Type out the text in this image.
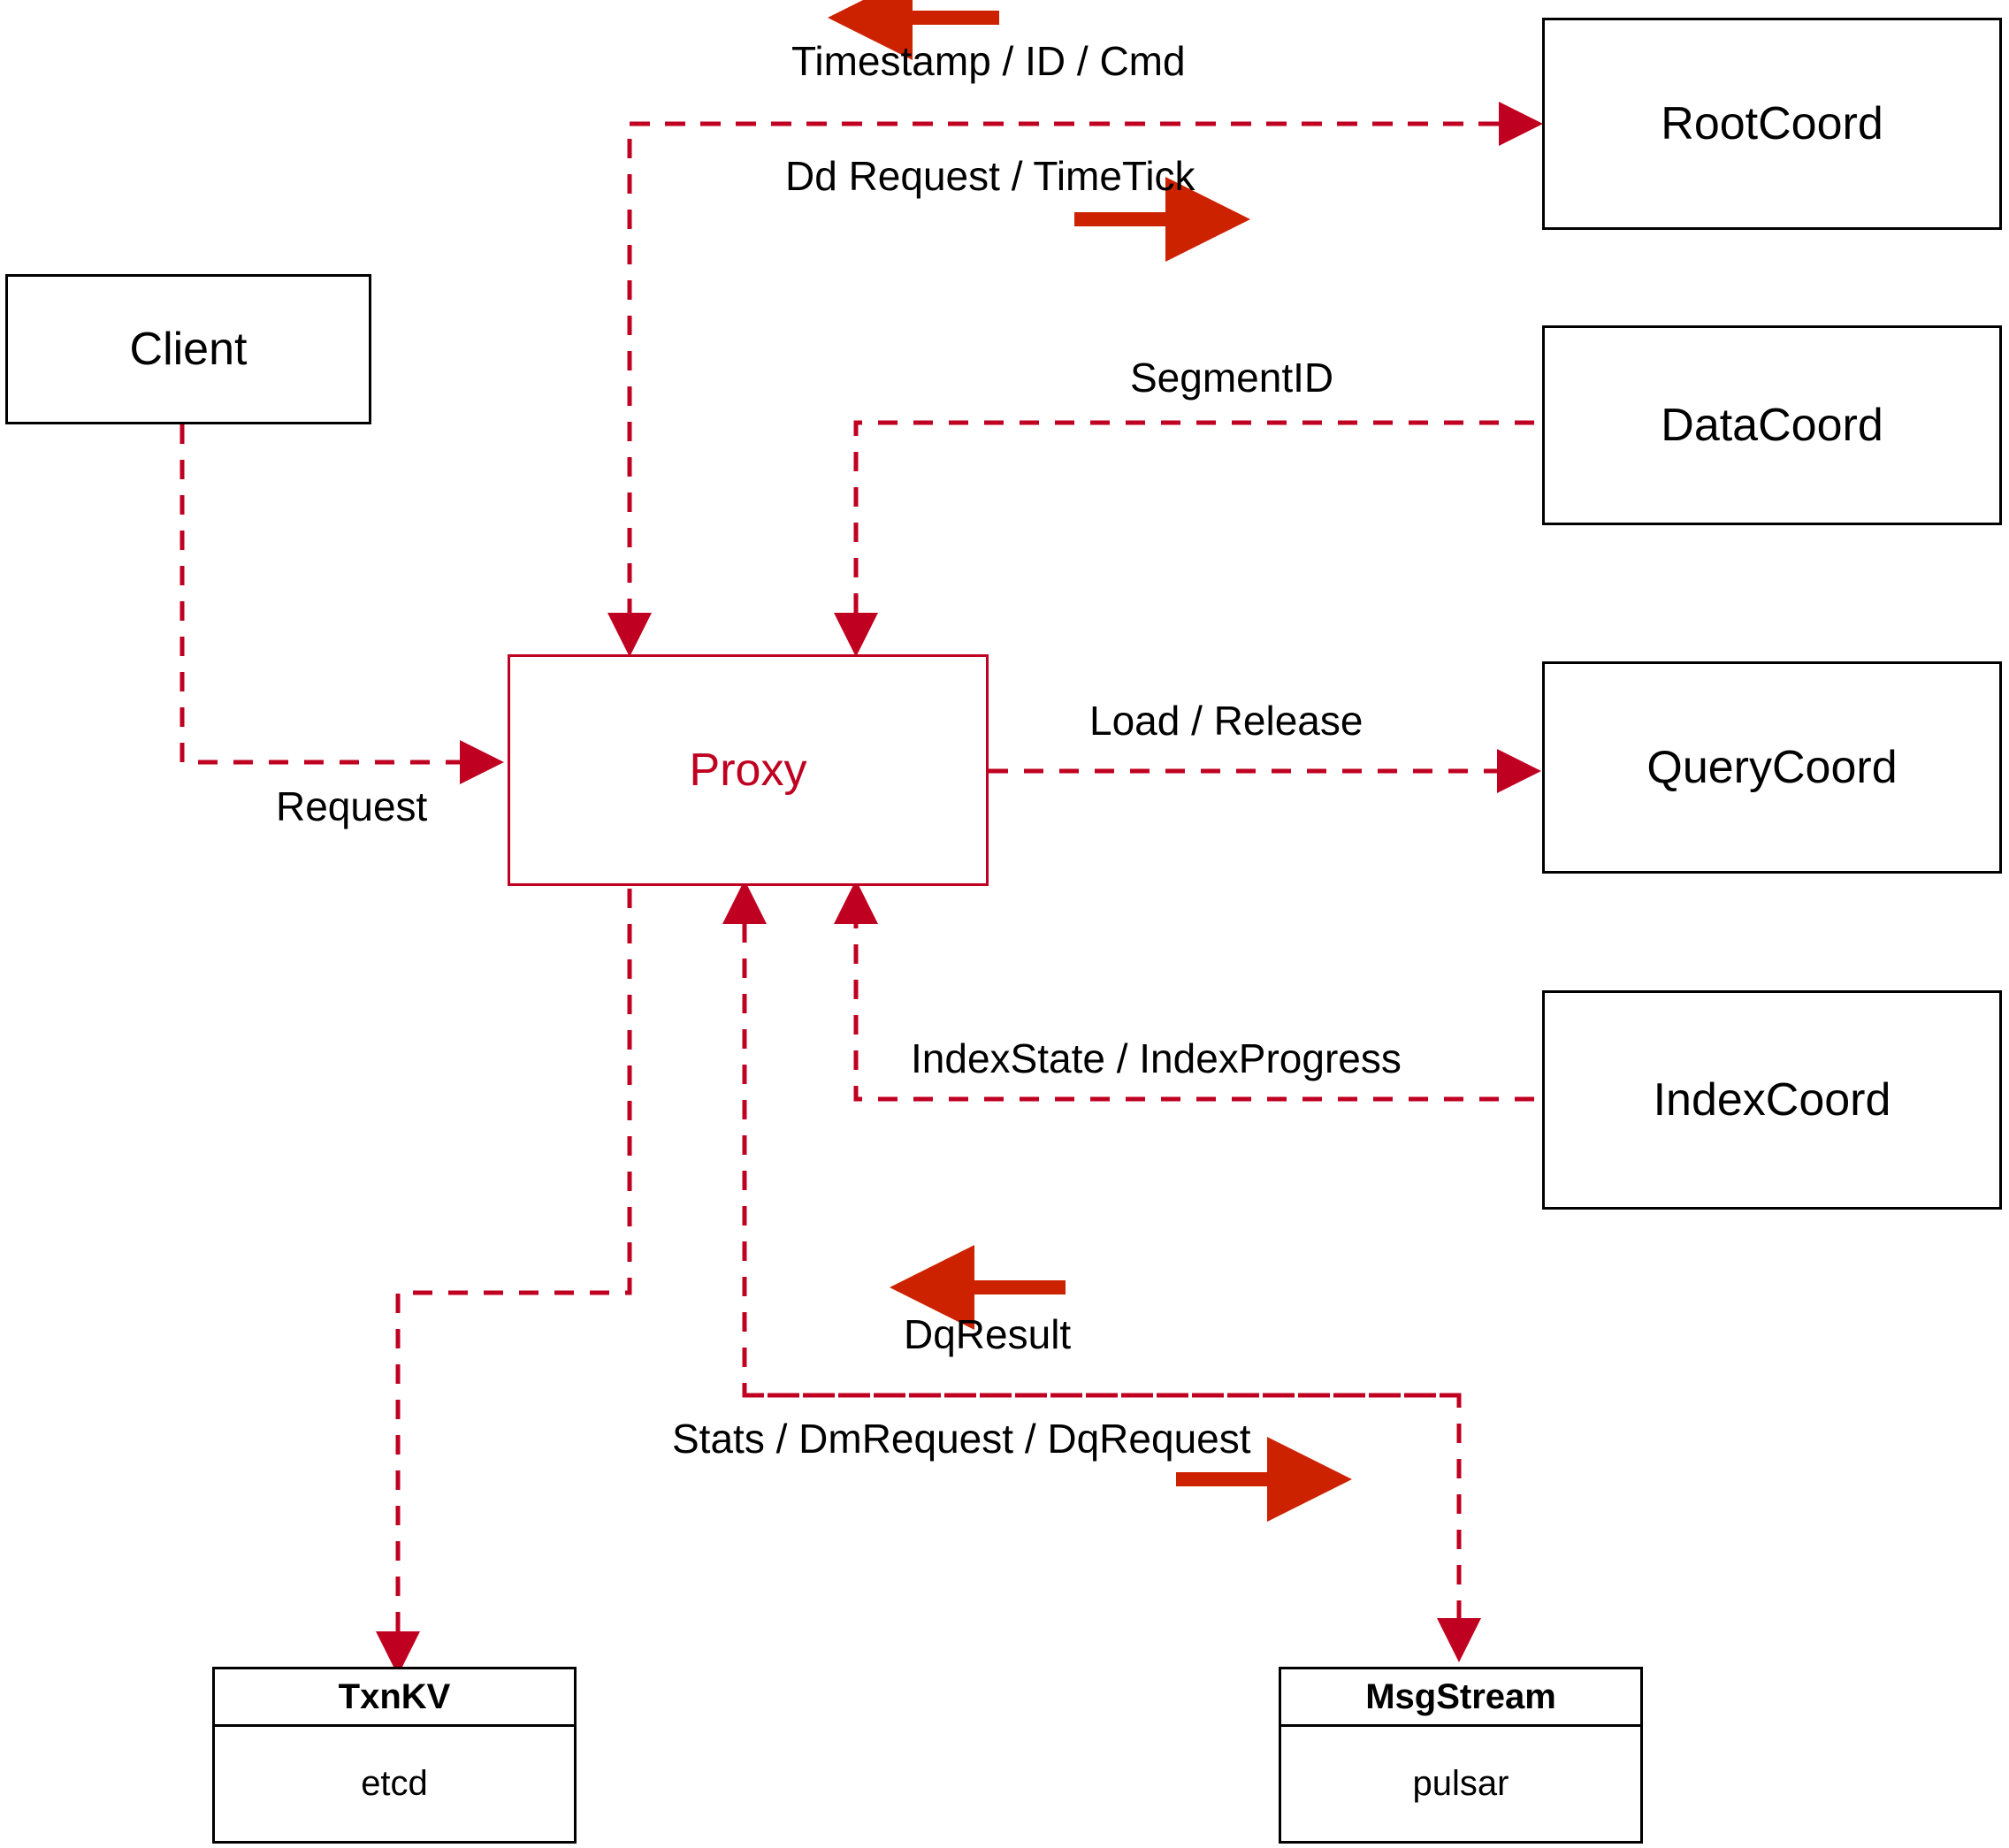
Client
Proxy
RootCoord
DataCoord
QueryCoord
IndexCoord
TxnKV
etcd
MsgStream
pulsar
Timestamp / ID / Cmd
Dd Request / TimeTick
SegmentID
Request
Load / Release
IndexState / IndexProgress
DqResult
Stats / DmRequest / DqRequest
